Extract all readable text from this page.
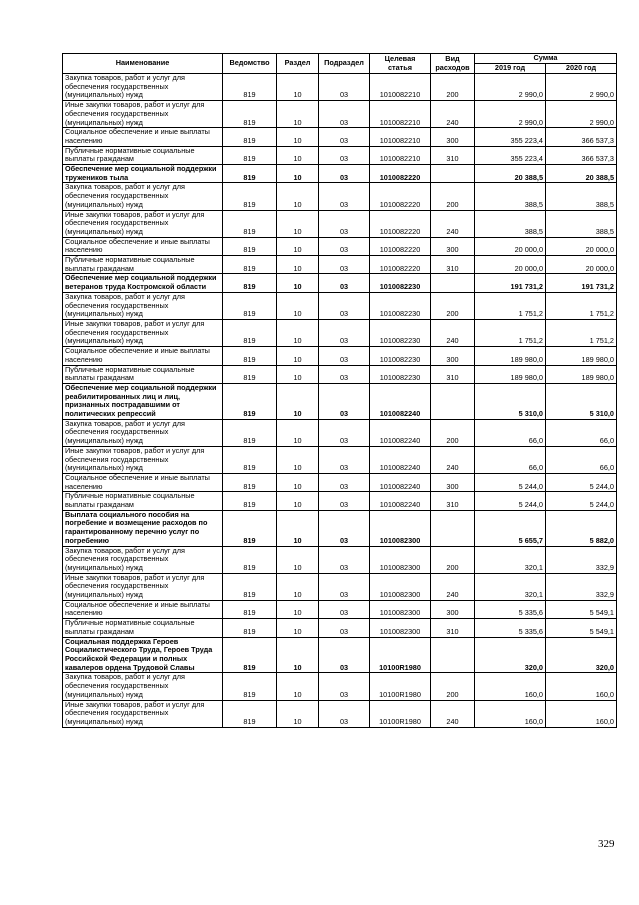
Наименование	Ведомство	Раздел	Подраздел	Целевая статья	Вид расходов	Сумма	
						2019 год	2020 год
Закупка товаров, работ и услуг для обеспечения государственных (муниципальных) нужд	819	10	03	1010082210	200	2 990,0	2 990,0
Иные закупки товаров, работ и услуг для обеспечения государственных (муниципальных) нужд	819	10	03	1010082210	240	2 990,0	2 990,0
Социальное обеспечение и иные выплаты населению	819	10	03	1010082210	300	355 223,4	366 537,3
Публичные нормативные социальные выплаты гражданам	819	10	03	1010082210	310	355 223,4	366 537,3
Обеспечение мер социальной поддержки тружеников тыла	819	10	03	1010082220		20 388,5	20 388,5
Закупка товаров, работ и услуг для обеспечения государственных (муниципальных) нужд	819	10	03	1010082220	200	388,5	388,5
Иные закупки товаров, работ и услуг для обеспечения государственных (муниципальных) нужд	819	10	03	1010082220	240	388,5	388,5
Социальное обеспечение и иные выплаты населению	819	10	03	1010082220	300	20 000,0	20 000,0
Публичные нормативные социальные выплаты гражданам	819	10	03	1010082220	310	20 000,0	20 000,0
Обеспечение мер социальной поддержки ветеранов труда Костромской области	819	10	03	1010082230		191 731,2	191 731,2
Закупка товаров, работ и услуг для обеспечения государственных (муниципальных) нужд	819	10	03	1010082230	200	1 751,2	1 751,2
Иные закупки товаров, работ и услуг для обеспечения государственных (муниципальных) нужд	819	10	03	1010082230	240	1 751,2	1 751,2
Социальное обеспечение и иные выплаты населению	819	10	03	1010082230	300	189 980,0	189 980,0
Публичные нормативные социальные выплаты гражданам	819	10	03	1010082230	310	189 980,0	189 980,0
Обеспечение мер социальной поддержки реабилитированных лиц и лиц, признанных пострадавшими от политических репрессий	819	10	03	1010082240		5 310,0	5 310,0
Закупка товаров, работ и услуг для обеспечения государственных (муниципальных) нужд	819	10	03	1010082240	200	66,0	66,0
Иные закупки товаров, работ и услуг для обеспечения государственных (муниципальных) нужд	819	10	03	1010082240	240	66,0	66,0
Социальное обеспечение и иные выплаты населению	819	10	03	1010082240	300	5 244,0	5 244,0
Публичные нормативные социальные выплаты гражданам	819	10	03	1010082240	310	5 244,0	5 244,0
Выплата социального пособия на погребение и возмещение расходов по гарантированному перечню услуг по погребению	819	10	03	1010082300		5 655,7	5 882,0
Закупка товаров, работ и услуг для обеспечения государственных (муниципальных) нужд	819	10	03	1010082300	200	320,1	332,9
Иные закупки товаров, работ и услуг для обеспечения государственных (муниципальных) нужд	819	10	03	1010082300	240	320,1	332,9
Социальное обеспечение и иные выплаты населению	819	10	03	1010082300	300	5 335,6	5 549,1
Публичные нормативные социальные выплаты гражданам	819	10	03	1010082300	310	5 335,6	5 549,1
Социальная поддержка Героев Социалистического Труда, Героев Труда Российской Федерации и полных кавалеров ордена Трудовой Славы	819	10	03	10100R1980		320,0	320,0
Закупка товаров, работ и услуг для обеспечения государственных (муниципальных) нужд	819	10	03	10100R1980	200	160,0	160,0
Иные закупки товаров, работ и услуг для обеспечения государственных (муниципальных) нужд	819	10	03	10100R1980	240	160,0	160,0
329
